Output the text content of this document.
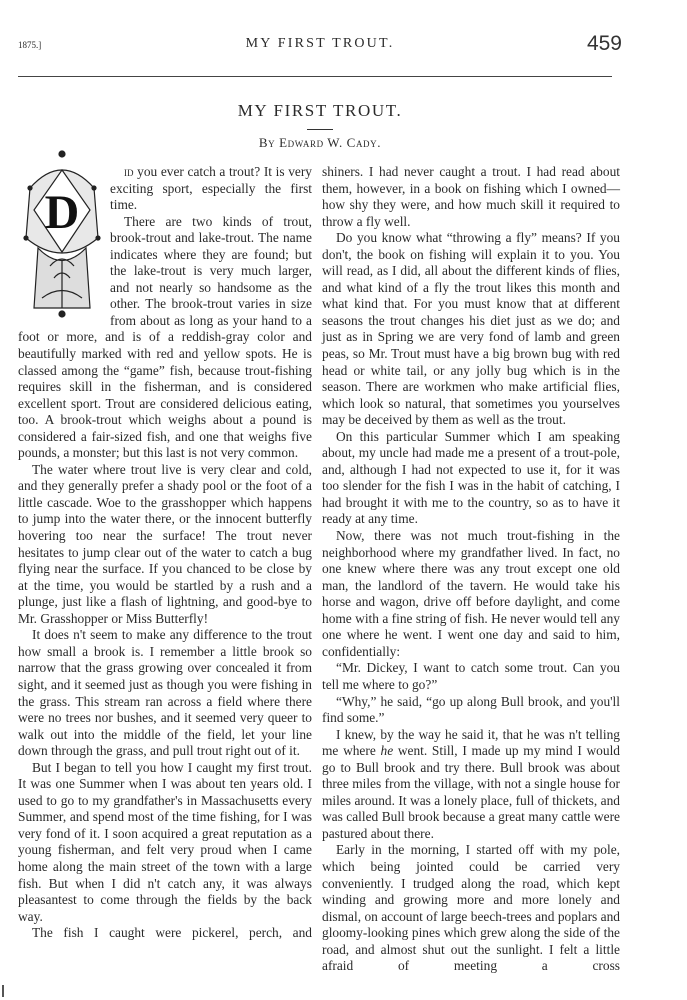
1875.]	MY FIRST TROUT.	459
MY FIRST TROUT.
By Edward W. Cady.

D
id you ever catch a trout? It is very exciting sport, especially the first time.

There are two kinds of trout, brook-trout and lake-trout. The name indicates where they are found; but the lake-trout is very much larger, and not nearly so handsome as the other. The brook-trout varies in size from about as long as your hand to a foot or more, and is of a reddish-gray color and beautifully marked with red and yellow spots. He is classed among the “game” fish, because trout-fishing requires skill in the fisherman, and is considered excellent sport. Trout are considered delicious eating, too. A brook-trout which weighs about a pound is considered a fair-sized fish, and one that weighs five pounds, a monster; but this last is not very common.

The water where trout live is very clear and cold, and they generally prefer a shady pool or the foot of a little cascade. Woe to the grasshopper which happens to jump into the water there, or the innocent butterfly hovering too near the surface! The trout never hesitates to jump clear out of the water to catch a bug flying near the surface. If you chanced to be close by at the time, you would be startled by a rush and a plunge, just like a flash of lightning, and good-bye to Mr. Grasshopper or Miss Butterfly!

It does n't seem to make any difference to the trout how small a brook is. I remember a little brook so narrow that the grass growing over concealed it from sight, and it seemed just as though you were fishing in the grass. This stream ran across a field where there were no trees nor bushes, and it seemed very queer to walk out into the middle of the field, let your line down through the grass, and pull trout right out of it.

But I began to tell you how I caught my first trout. It was one Summer when I was about ten years old. I used to go to my grandfather's in Massachusetts every Summer, and spend most of the time fishing, for I was very fond of it. I soon acquired a great reputation as a young fisherman, and felt very proud when I came home along the main street of the town with a large fish. But when I did n't catch any, it was always pleasantest to come through the fields by the back way.

The fish I caught were pickerel, perch, and

shiners. I had never caught a trout. I had read about them, however, in a book on fishing which I owned—how shy they were, and how much skill it required to throw a fly well.

Do you know what “throwing a fly” means? If you don't, the book on fishing will explain it to you. You will read, as I did, all about the different kinds of flies, and what kind of a fly the trout likes this month and what kind that. For you must know that at different seasons the trout changes his diet just as we do; and just as in Spring we are very fond of lamb and green peas, so Mr. Trout must have a big brown bug with red head or white tail, or any jolly bug which is in the season. There are workmen who make artificial flies, which look so natural, that sometimes you yourselves may be deceived by them as well as the trout.

On this particular Summer which I am speaking about, my uncle had made me a present of a trout-pole, and, although I had not expected to use it, for it was too slender for the fish I was in the habit of catching, I had brought it with me to the country, so as to have it ready at any time.

Now, there was not much trout-fishing in the neighborhood where my grandfather lived. In fact, no one knew where there was any trout except one old man, the landlord of the tavern. He would take his horse and wagon, drive off before daylight, and come home with a fine string of fish. He never would tell any one where he went. I went one day and said to him, confidentially:

“Mr. Dickey, I want to catch some trout. Can you tell me where to go?”

“Why,” he said, “go up along Bull brook, and you'll find some.”

I knew, by the way he said it, that he was n't telling me where he went. Still, I made up my mind I would go to Bull brook and try there. Bull brook was about three miles from the village, with not a single house for miles around. It was a lonely place, full of thickets, and was called Bull brook because a great many cattle were pastured about there.

Early in the morning, I started off with my pole, which being jointed could be carried very conveniently. I trudged along the road, which kept winding and growing more and more lonely and dismal, on account of large beech-trees and poplars and gloomy-looking pines which grew along the side of the road, and almost shut out the sunlight. I felt a little afraid of meeting a cross
